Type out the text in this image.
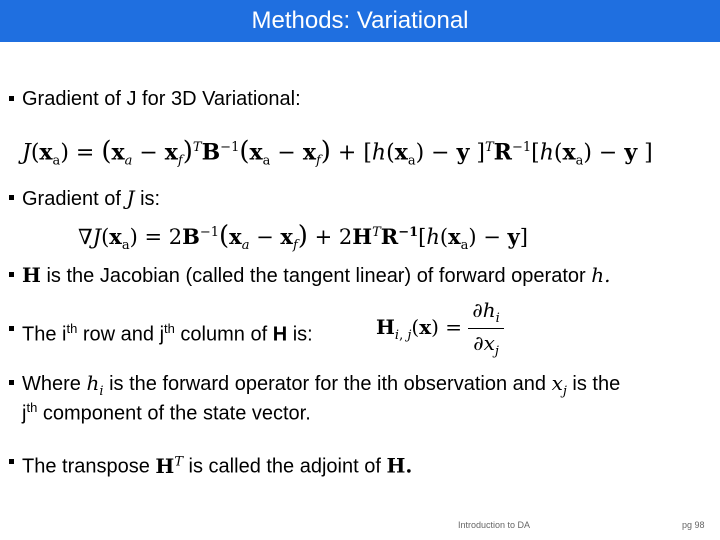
Methods: Variational
Gradient of J for 3D Variational:
$J(x_a) = (x_a - x_f)^TB^{-1}(x_a - x_f) + [h(x_a) - y$ ]$^TR^{-1}[h(x_a) - y$ ]
Gradient of J is:
$\nabla J(x_a) = 2B^{-1}(x_a - x_f) + 2H^TR^{-1}[h(x_a) - y]$
H is the Jacobian (called the tangent linear) of forward operator h.
The $i^{th}$ row and $j^{th}$ column of H is:	$H_{i, j}(x) = \frac{\partial h_i}{\partial x_j}$
Where $h_i$ is the forward operator for the ith observation and $x_j$ is the
$j^{th}$ component of the state vector.
The transpose $H^T$ is called the adjoint of H.
Introduction to DA	pg 98
